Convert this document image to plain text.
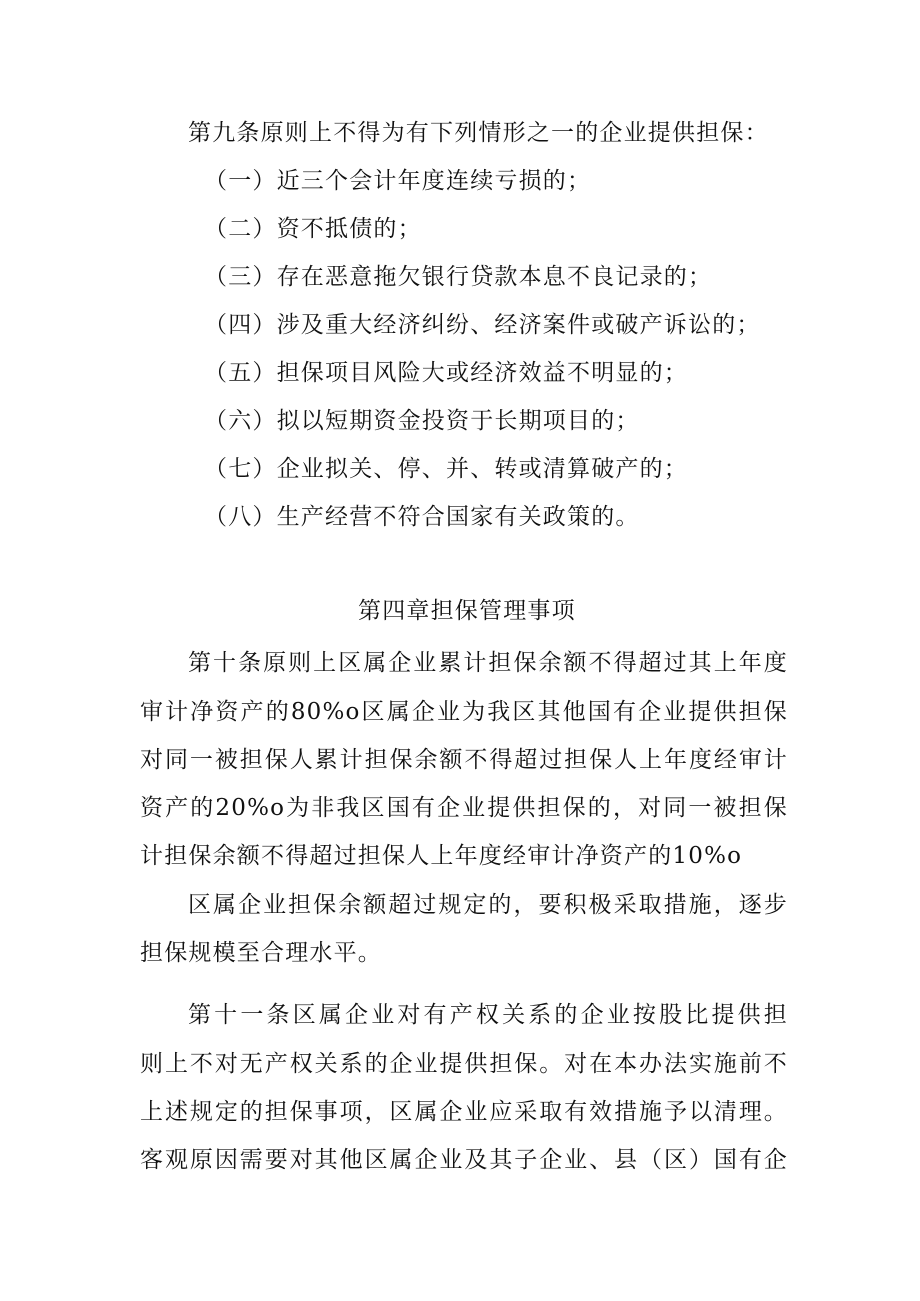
第九条原则上不得为有下列情形之一的企业提供担保：
（一）近三个会计年度连续亏损的；
（二）资不抵债的；
（三）存在恶意拖欠银行贷款本息不良记录的；
（四）涉及重大经济纠纷、经济案件或破产诉讼的；
（五）担保项目风险大或经济效益不明显的；
（六）拟以短期资金投资于长期项目的；
（七）企业拟关、停、并、转或清算破产的；
（八）生产经营不符合国家有关政策的。
第四章担保管理事项
第十条原则上区属企业累计担保余额不得超过其上年度
审计净资产的80%o区属企业为我区其他国有企业提供担保
对同一被担保人累计担保余额不得超过担保人上年度经审计
资产的20%o为非我区国有企业提供担保的，对同一被担保
计担保余额不得超过担保人上年度经审计净资产的10%o
区属企业担保余额超过规定的，要积极采取措施，逐步
担保规模至合理水平。
第十一条区属企业对有产权关系的企业按股比提供担
则上不对无产权关系的企业提供担保。对在本办法实施前不
上述规定的担保事项，区属企业应采取有效措施予以清理。
客观原因需要对其他区属企业及其子企业、县（区）国有企
